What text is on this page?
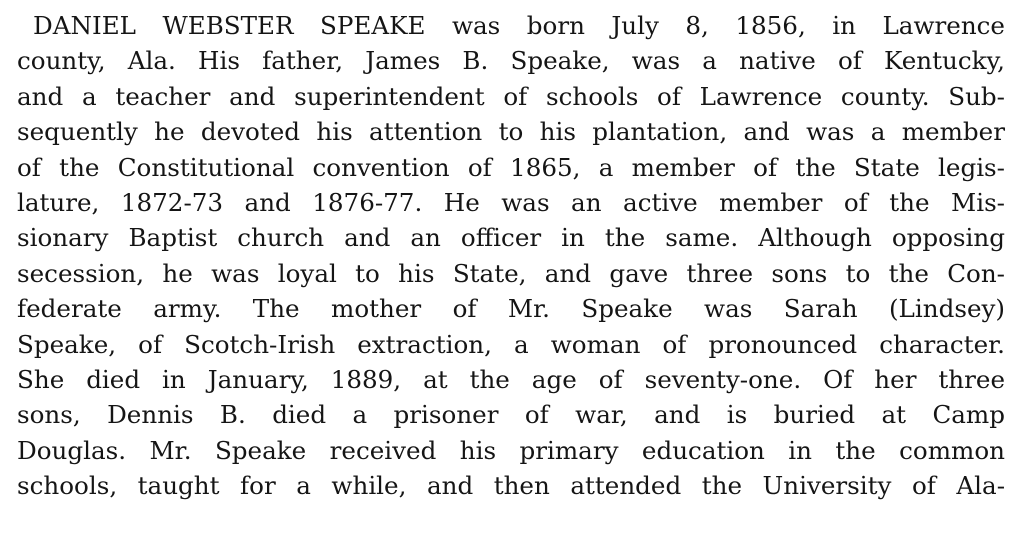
DANIEL WEBSTER SPEAKE was born July 8, 1856, in Lawrence
county, Ala. His father, James B. Speake, was a native of Kentucky,
and a teacher and superintendent of schools of Lawrence county. Sub-
sequently he devoted his attention to his plantation, and was a member
of the Constitutional convention of 1865, a member of the State legis-
lature, 1872-73 and 1876-77. He was an active member of the Mis-
sionary Baptist church and an officer in the same. Although opposing
secession, he was loyal to his State, and gave three sons to the Con-
federate army. The mother of Mr. Speake was Sarah (Lindsey)
Speake, of Scotch-Irish extraction, a woman of pronounced character.
She died in January, 1889, at the age of seventy-one. Of her three
sons, Dennis B. died a prisoner of war, and is buried at Camp
Douglas. Mr. Speake received his primary education in the common
schools, taught for a while, and then attended the University of Ala-
